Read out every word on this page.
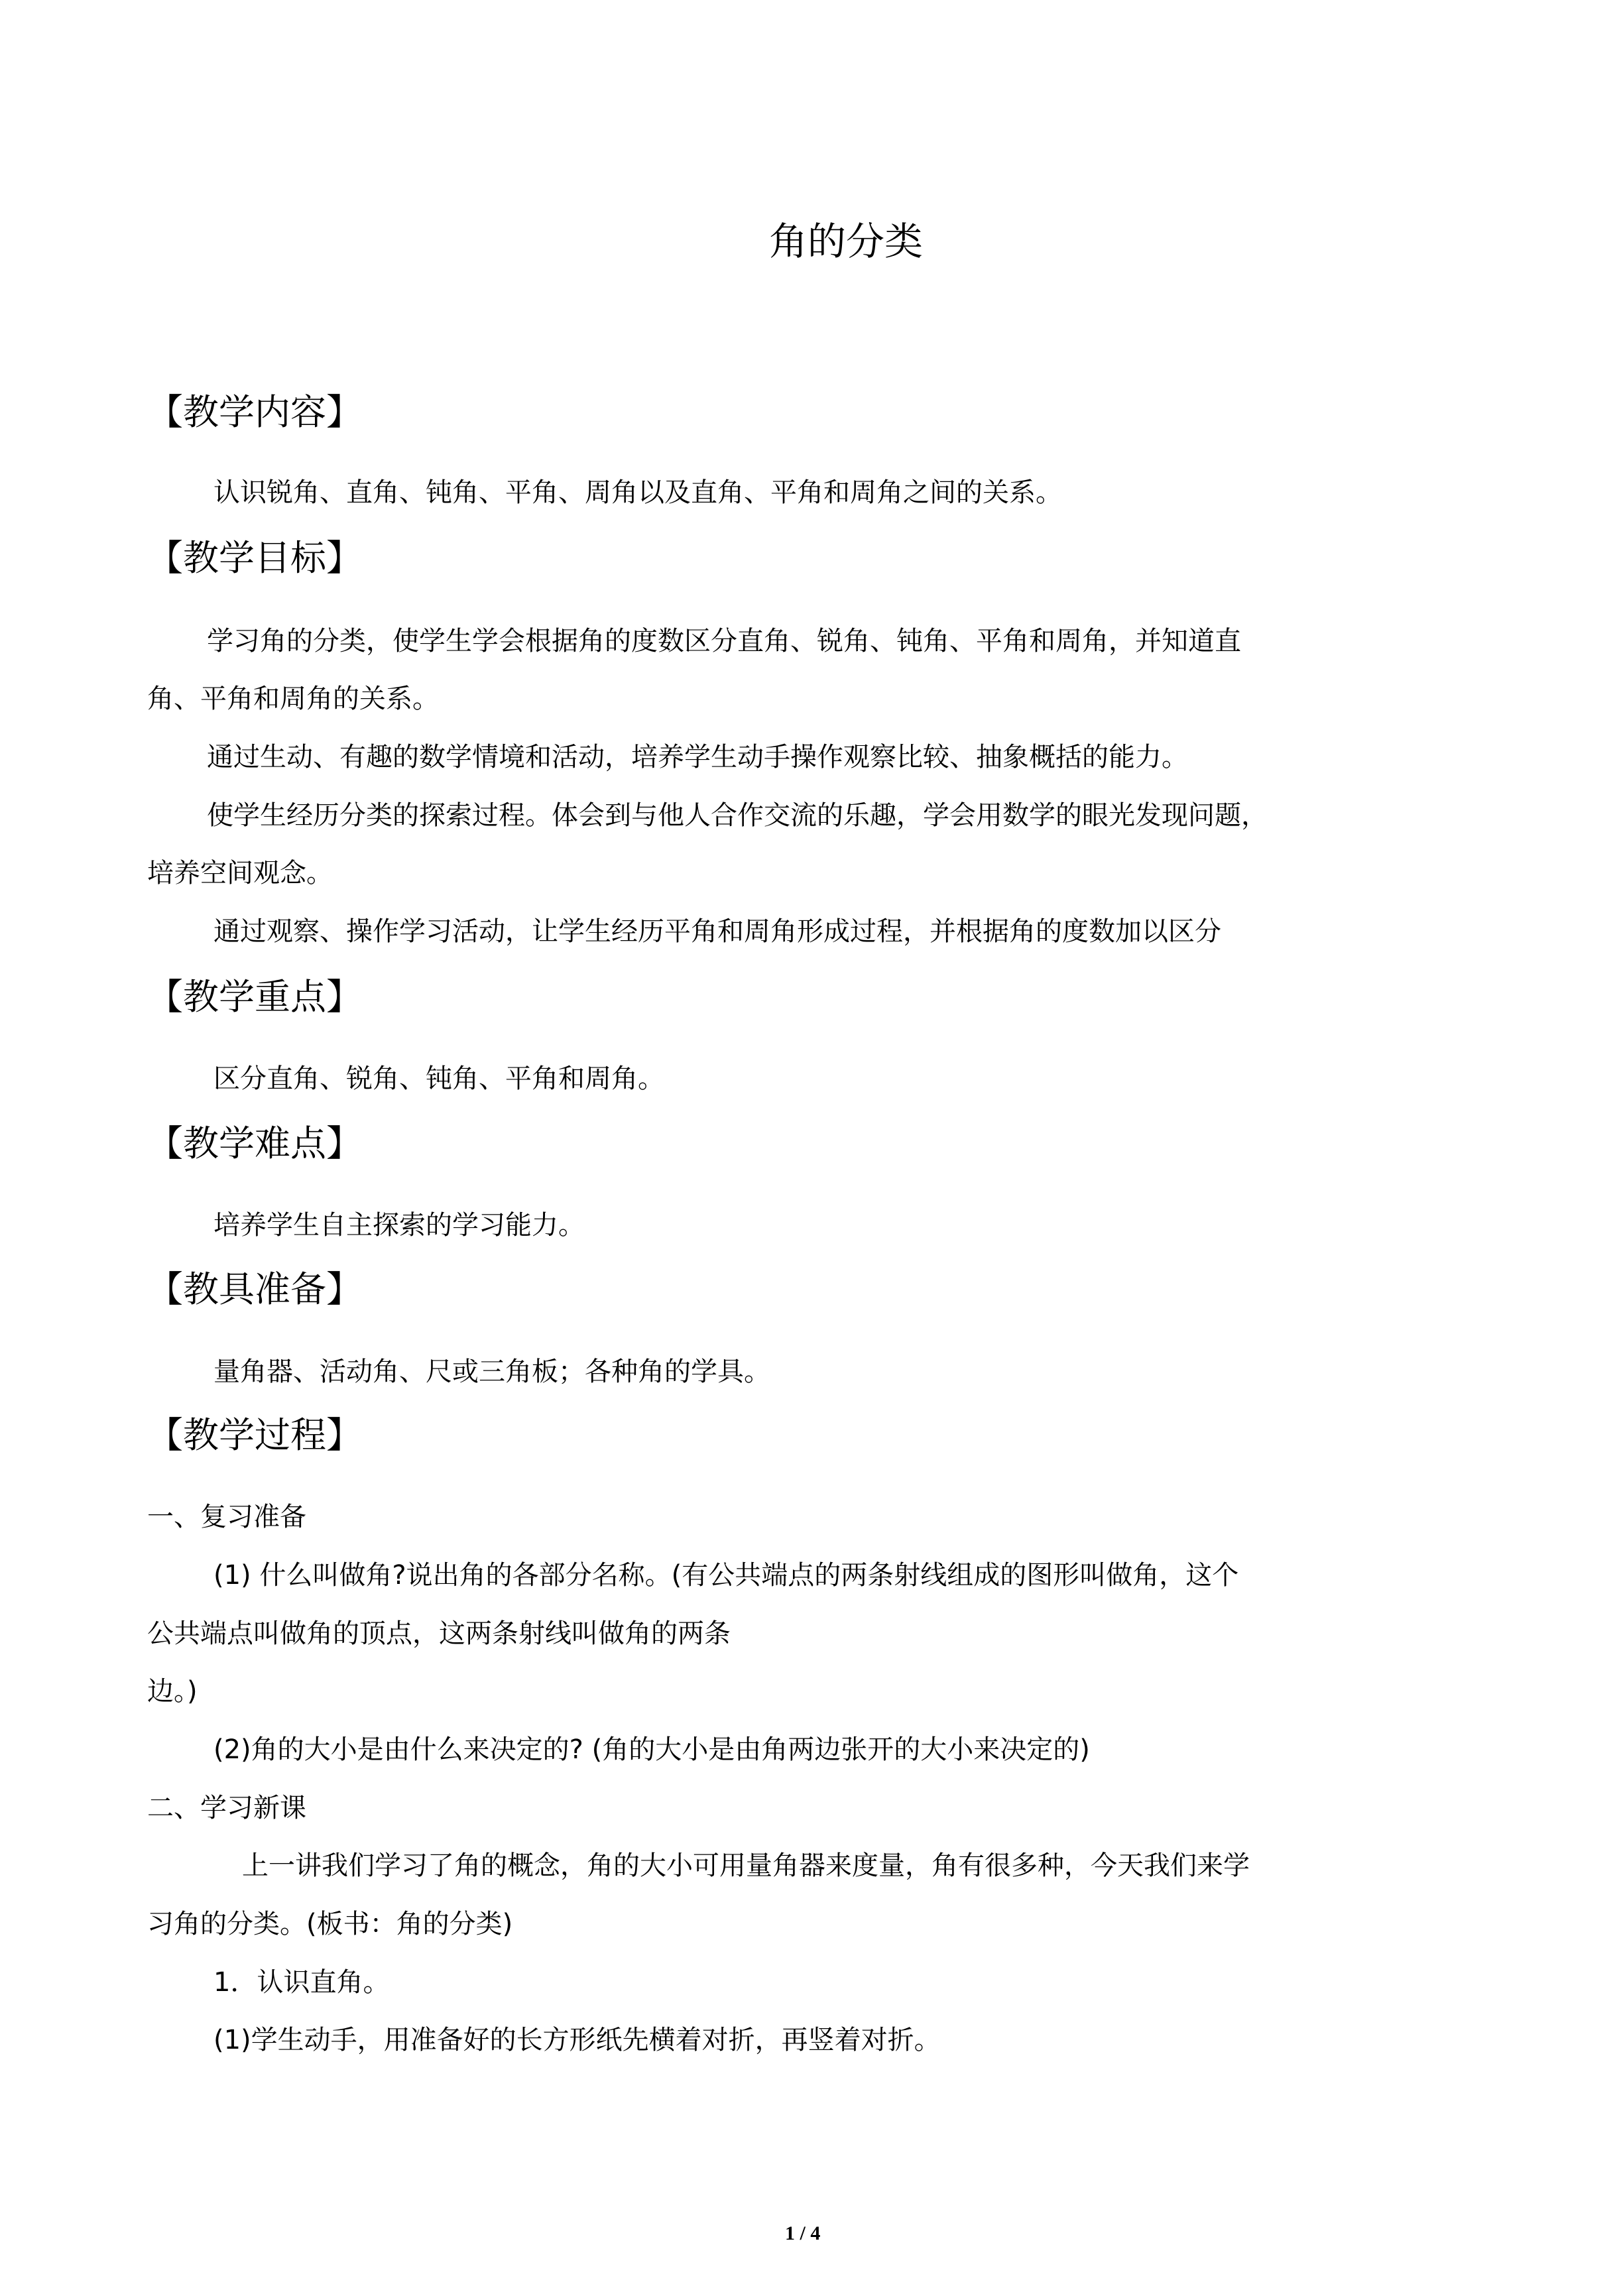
角的分类
【教学内容】
认识锐角、直角、钝角、平角、周角以及直角、平角和周角之间的关系。
【教学目标】
学习角的分类，使学生学会根据角的度数区分直角、锐角、钝角、平角和周角，并知道直
角、平角和周角的关系。
通过生动、有趣的数学情境和活动，培养学生动手操作观察比较、抽象概括的能力。
使学生经历分类的探索过程。体会到与他人合作交流的乐趣，学会用数学的眼光发现问题，
培养空间观念。
通过观察、操作学习活动，让学生经历平角和周角形成过程，并根据角的度数加以区分
【教学重点】
区分直角、锐角、钝角、平角和周角。
【教学难点】
培养学生自主探索的学习能力。
【教具准备】
量角器、活动角、尺或三角板；各种角的学具。
【教学过程】
一、复习准备
(1) 什么叫做角?说出角的各部分名称。(有公共端点的两条射线组成的图形叫做角，这个
公共端点叫做角的顶点，这两条射线叫做角的两条
边。)
(2)角的大小是由什么来决定的? (角的大小是由角两边张开的大小来决定的)
二、学习新课
上一讲我们学习了角的概念，角的大小可用量角器来度量，角有很多种，今天我们来学
习角的分类。(板书：角的分类)
1．认识直角。
(1)学生动手，用准备好的长方形纸先横着对折，再竖着对折。
1 / 4
